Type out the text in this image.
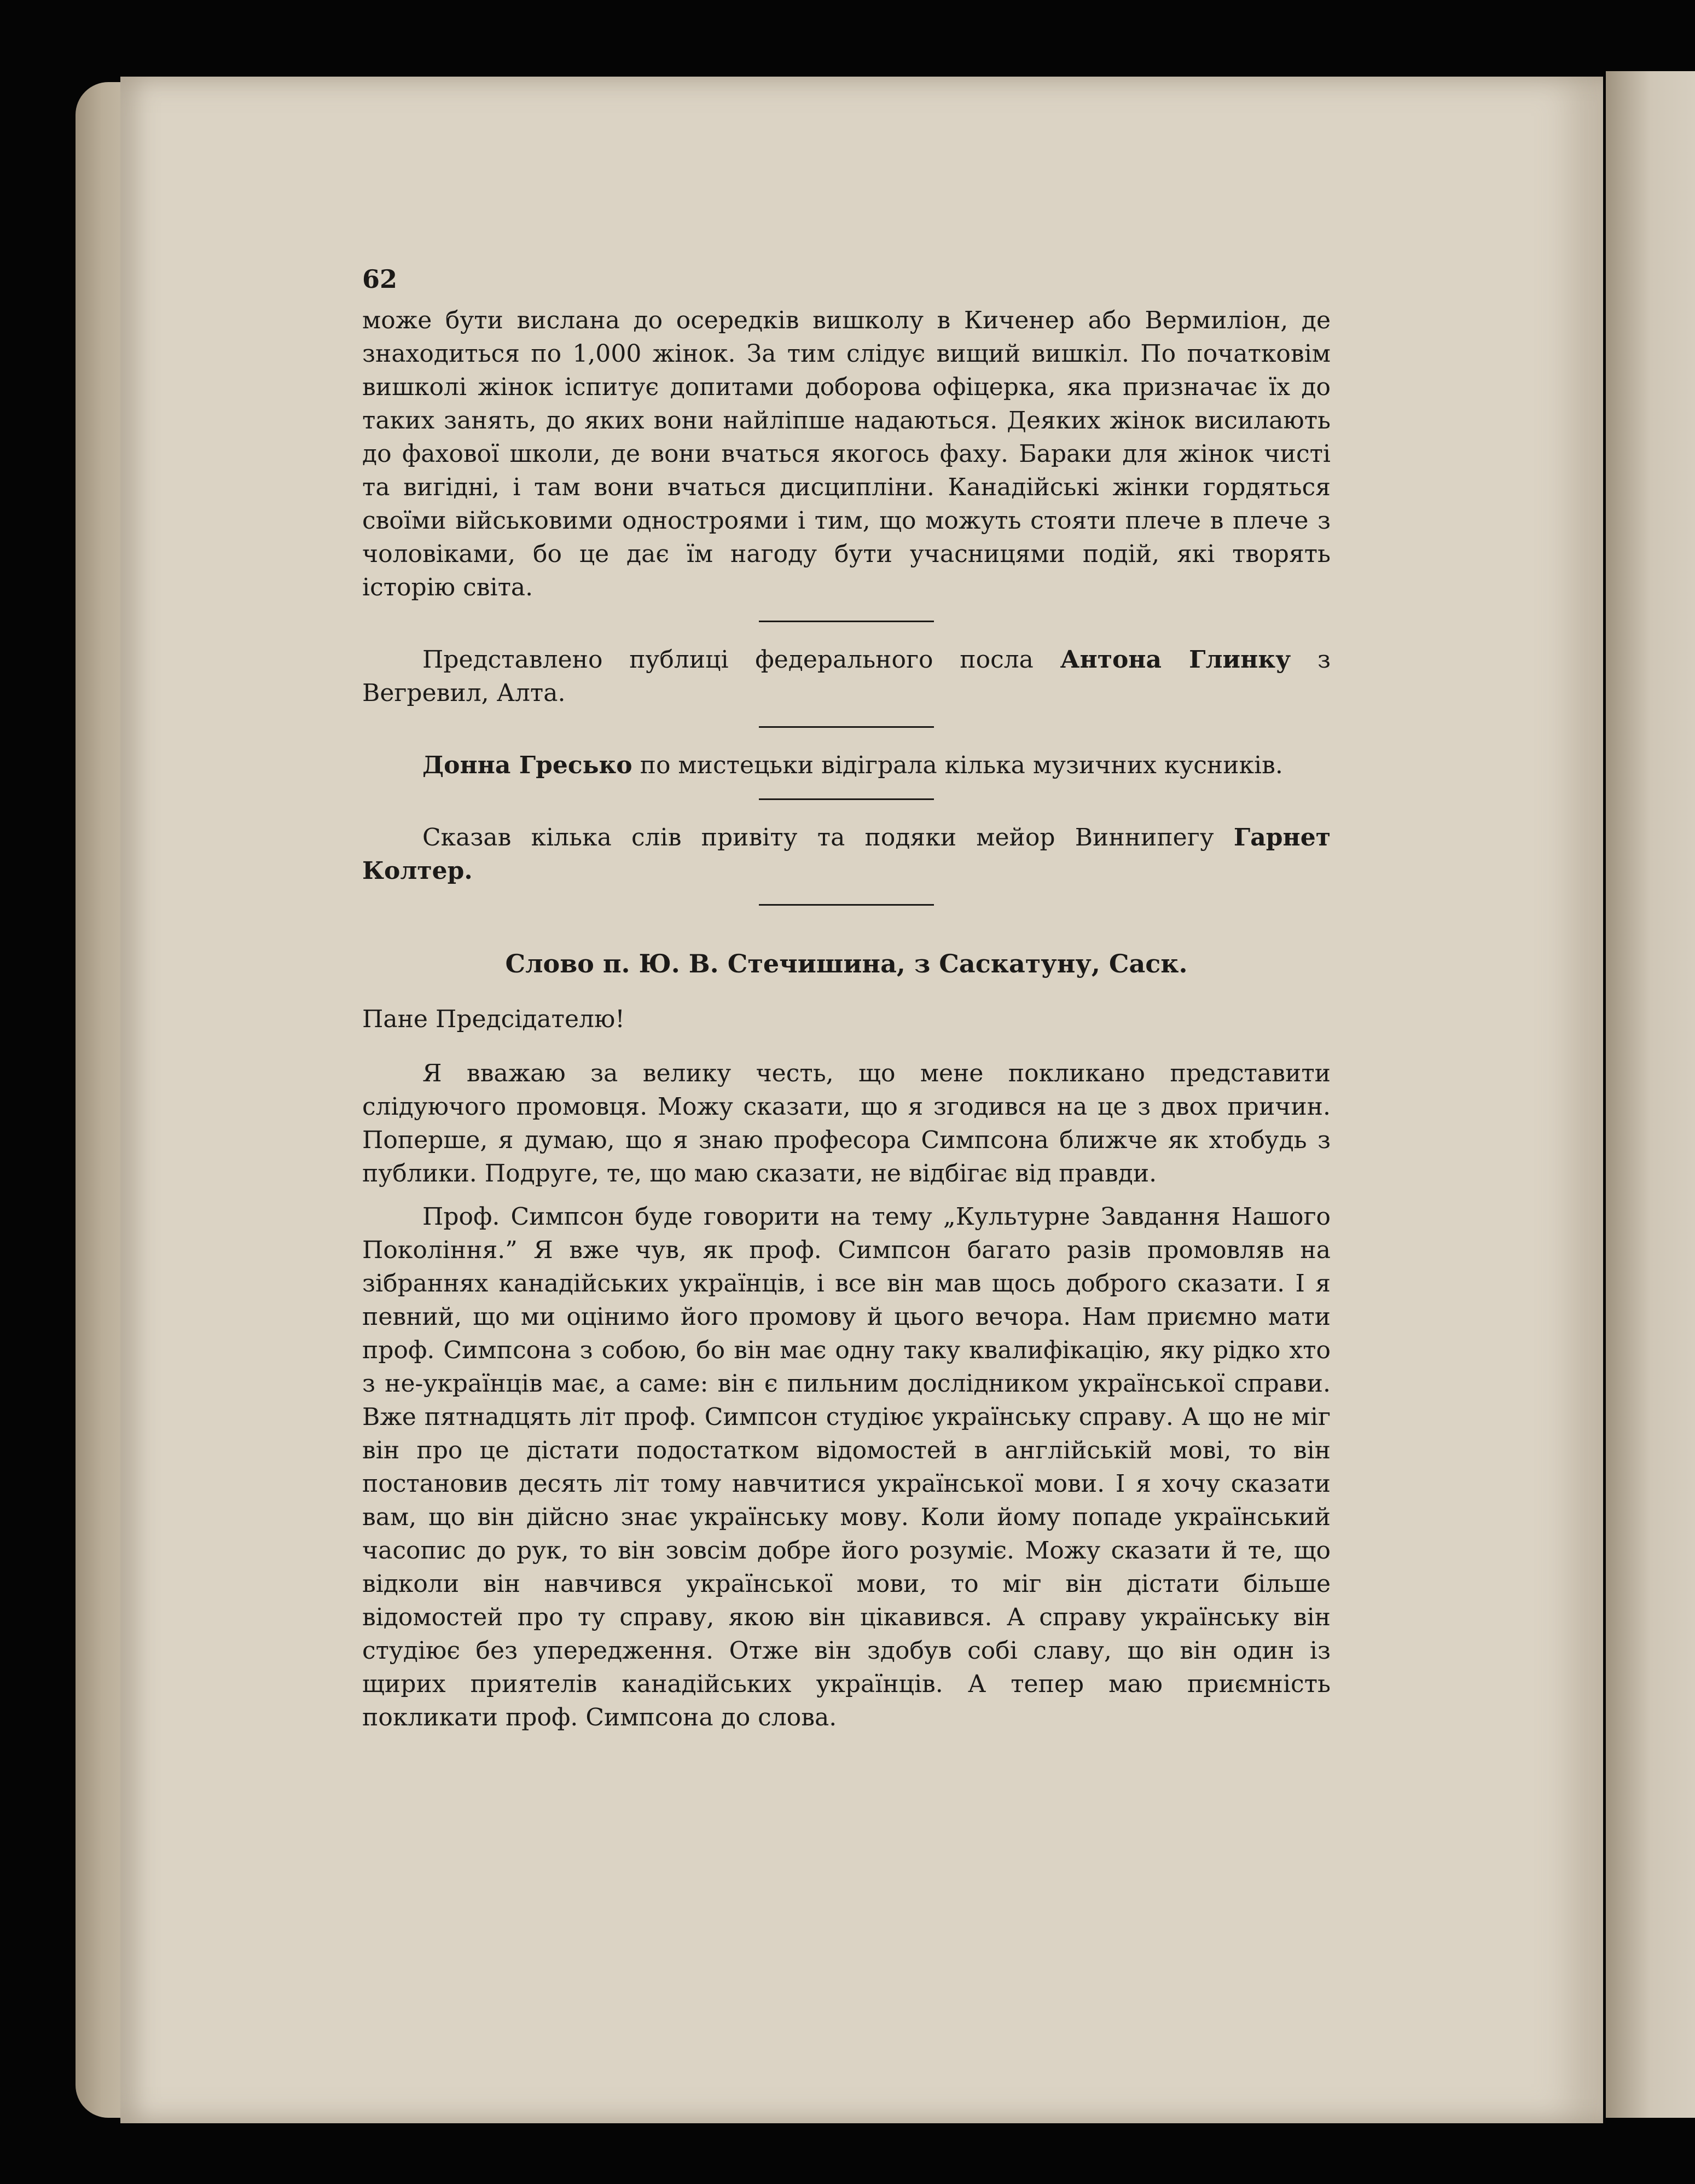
62

може бути вислана до осередків вишколу в Киченер або Вермиліон, де знаходиться по 1,000 жінок. За тим слідує вищий вишкіл. По початковім вишколі жінок іспитує допитами доборова офіцерка, яка призначає їх до таких занять, до яких вони найліпше надаються. Деяких жінок висилають до фахової школи, де вони вчаться якогось фаху. Бараки для жінок чисті та вигідні, і там вони вчаться дисципліни. Канадійські жінки гордяться своїми військовими одностроями і тим, що можуть стояти плече в плече з чоловіками, бо це дає їм нагоду бути учасницями подій, які творять історію світа.

Представлено публиці федерального посла Антона Глинку з Вегревил, Алта.

Донна Гресько по мистецьки відіграла кілька музичних кусників.

Сказав кілька слів привіту та подяки мейор Виннипегу Гарнет Колтер.

Слово п. Ю. В. Стечишина, з Саскатуну, Саск.

Пане Предсідателю!

Я вважаю за велику честь, що мене покликано представити слідуючого промовця. Можу сказати, що я згодився на це з двох причин. Поперше, я думаю, що я знаю професора Симпсона ближче як хтобудь з публики. Подруге, те, що маю сказати, не відбігає від правди.

Проф. Симпсон буде говорити на тему „Культурне Завдання Нашого Покоління.” Я вже чув, як проф. Симпсон багато разів промовляв на зібраннях канадійських українців, і все він мав щось доброго сказати. І я певний, що ми оцінимо його промову й цього вечора. Нам приємно мати проф. Симпсона з собою, бо він має одну таку квалифікацію, яку рідко хто з не-українців має, а саме: він є пильним дослідником української справи. Вже пятнадцять літ проф. Симпсон студіює українську справу. А що не міг він про це дістати подостатком відомостей в англійській мові, то він постановив десять літ тому навчитися української мови. І я хочу сказати вам, що він дійсно знає українську мову. Коли йому попаде український часопис до рук, то він зовсім добре його розуміє. Можу сказати й те, що відколи він навчився української мови, то міг він дістати більше відомостей про ту справу, якою він цікавився. А справу українську він студіює без упередження. Отже він здобув собі славу, що він один із щирих приятелів канадійських українців. А тепер маю приємність покликати проф. Симпсона до слова.
